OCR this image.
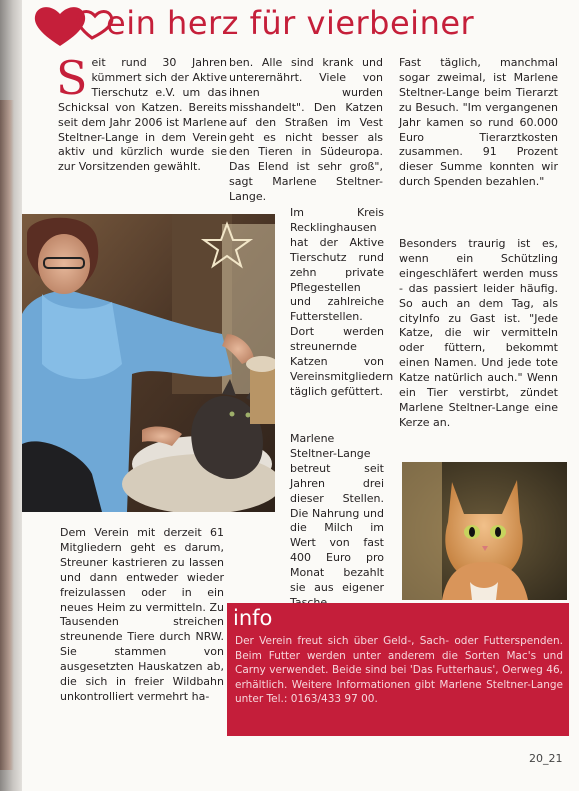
ein herz für vierbeiner
Seit rund 30 Jahren kümmert sich der Aktive Tierschutz e.V. um das Schicksal von Katzen. Bereits seit dem Jahr 2006 ist Marlene Steltner-Lange in dem Verein aktiv und kürzlich wurde sie zur Vorsitzenden gewählt.
ben. Alle sind krank und unterernährt. Viele von ihnen wurden misshandelt". Den Katzen auf den Straßen im Vest geht es nicht besser als den Tieren in Südeuropa. Das Elend ist sehr groß", sagt Marlene Steltner-Lange.
Fast täglich, manchmal sogar zweimal, ist Marlene Steltner-Lange beim Tierarzt zu Besuch. "Im vergangenen Jahr kamen so rund 60.000 Euro Tierarztkosten zusammen. 91 Prozent dieser Summe konnten wir durch Spenden bezahlen."
Im Kreis Recklinghausen hat der Aktive Tierschutz rund zehn private Pflegestellen und zahlreiche Futterstellen. Dort werden streunernde Katzen von Vereinsmitgliedern täglich gefüttert.
Marlene Steltner-Lange betreut seit Jahren drei dieser Stellen. Die Nahrung und die Milch im Wert von fast 400 Euro pro Monat bezahlt sie aus eigener
Besonders traurig ist es, wenn ein Schützling eingeschläfert werden muss - das passiert leider häufig. So auch an dem Tag, als cityInfo zu Gast ist. "Jede Katze, die wir vermitteln oder füttern, bekommt einen Namen. Und jede tote Katze natürlich auch." Wenn ein Tier verstirbt, zündet Marlene Steltner-Lange eine Kerze an.
Dem Verein mit derzeit 61 Mitgliedern geht es darum, Streuner kastrieren zu lassen und dann entweder wieder freizulassen oder in ein neues Heim zu vermitteln. Zu Tausenden streichen streunende Tiere durch NRW. Sie stammen von ausgesetzten Hauskatzen ab, die sich in freier Wildbahn unkontrolliert vermehrt ha-
info
Der Verein freut sich über Geld-, Sach- oder Futterspenden. Beim Futter werden unter anderem die Sorten Mac's und Carny verwendet. Beide sind bei 'Das Futterhaus', Oerweg 46, erhältlich. Weitere Informationen gibt Marlene Steltner-Lange unter Tel.: 0163/433 97 00.
20_21
